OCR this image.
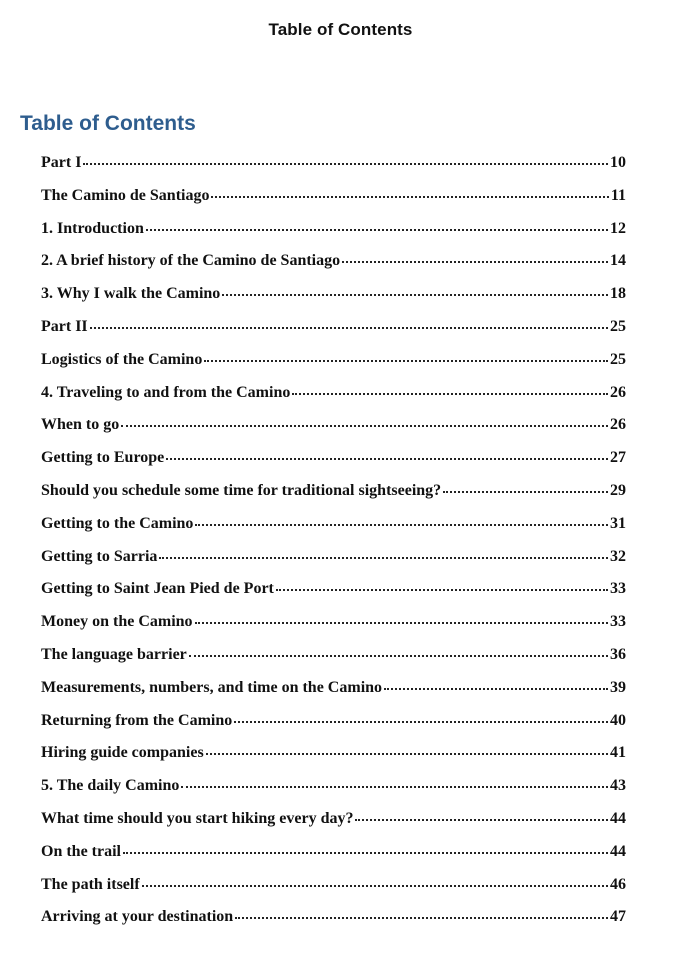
Table of Contents
Table of Contents
Part I	10
The Camino de Santiago	11
1. Introduction	12
2. A brief history of the Camino de Santiago	14
3. Why I walk the Camino	18
Part II	25
Logistics of the Camino	25
4. Traveling to and from the Camino	26
When to go	26
Getting to Europe	27
Should you schedule some time for traditional sightseeing?	29
Getting to the Camino	31
Getting to Sarria	32
Getting to Saint Jean Pied de Port	33
Money on the Camino	33
The language barrier	36
Measurements, numbers, and time on the Camino	39
Returning from the Camino	40
Hiring guide companies	41
5. The daily Camino	43
What time should you start hiking every day?	44
On the trail	44
The path itself	46
Arriving at your destination	47
